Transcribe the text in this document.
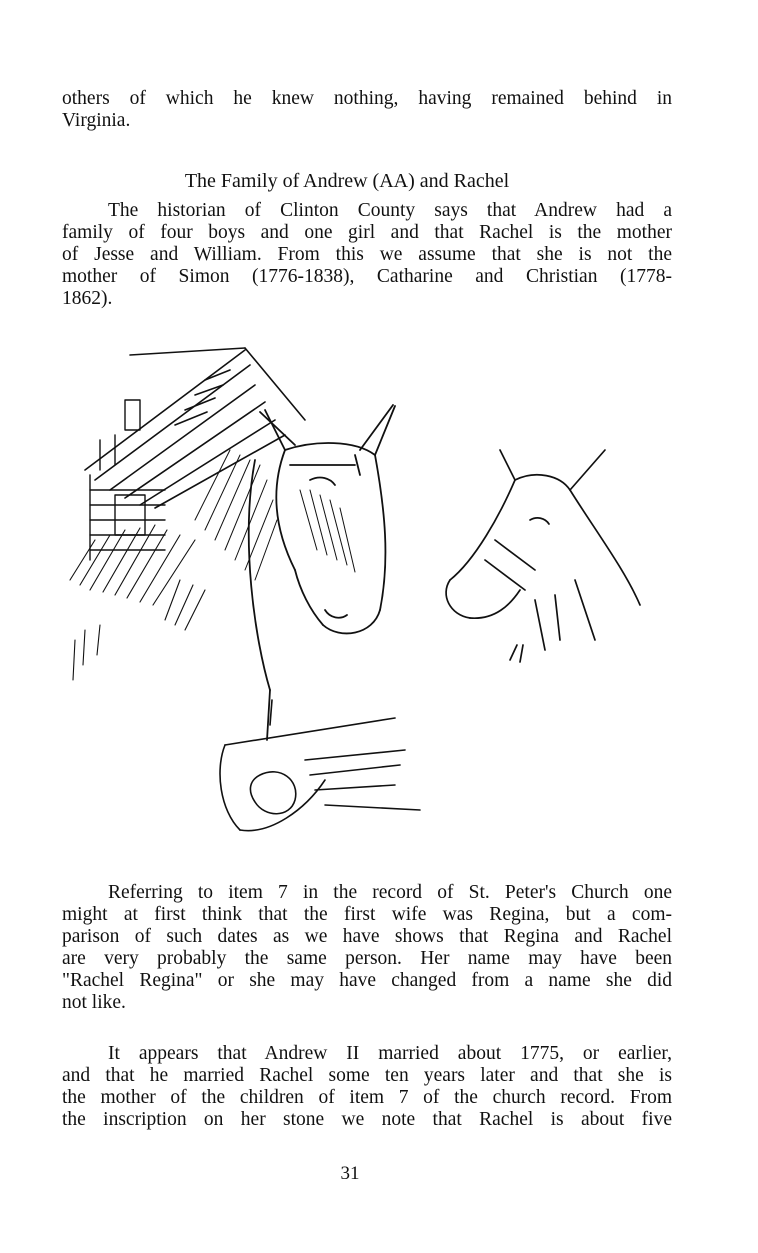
others of which he knew nothing, having remained behind in
Virginia.

The Family of Andrew (AA) and Rachel

The historian of Clinton County says that Andrew had a
family of four boys and one girl and that Rachel is the mother
of Jesse and William. From this we assume that she is not the
mother of Simon (1776-1838), Catharine and Christian (1778-
1862).

Referring to item 7 in the record of St. Peter's Church one
might at first think that the first wife was Regina, but a com-
parison of such dates as we have shows that Regina and Rachel
are very probably the same person. Her name may have been
"Rachel Regina" or she may have changed from a name she did
not like.

It appears that Andrew II married about 1775, or earlier,
and that he married Rachel some ten years later and that she is
the mother of the children of item 7 of the church record. From
the inscription on her stone we note that Rachel is about five

31
